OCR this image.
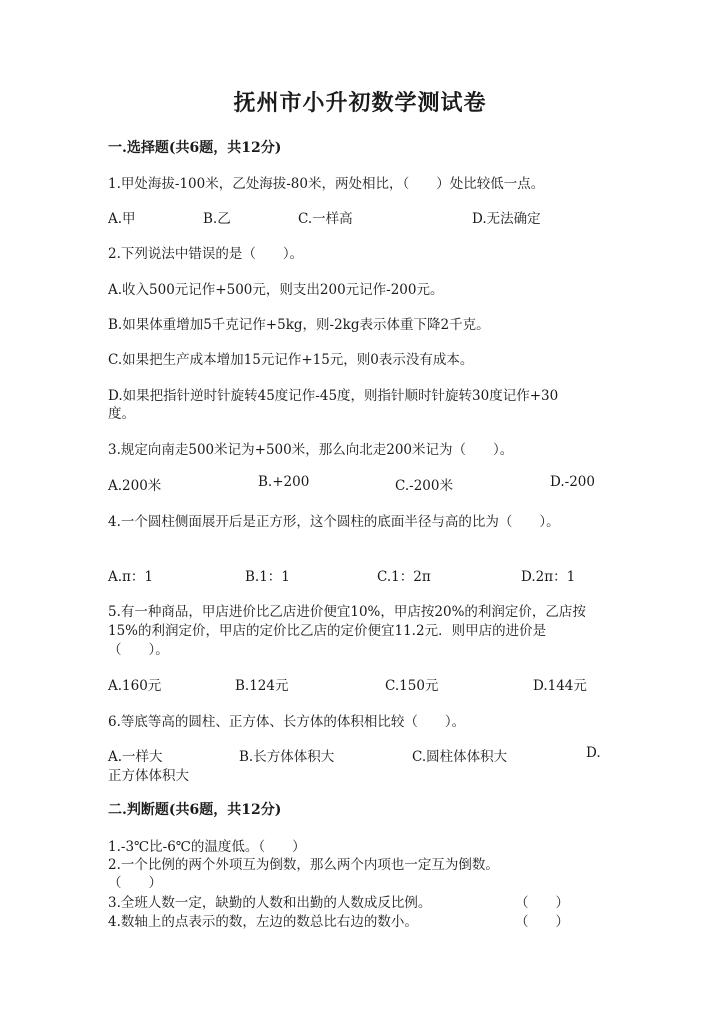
抚州市小升初数学测试卷
一.选择题(共6题，共12分)
1.甲处海拔-100米，乙处海拔-80米，两处相比，（　　）处比较低一点。
A.甲	B.乙	C.一样高	D.无法确定
2.下列说法中错误的是（　　）。
A.收入500元记作+500元，则支出200元记作-200元。
B.如果体重增加5千克记作+5kg，则-2kg表示体重下降2千克。
C.如果把生产成本增加15元记作+15元，则0表示没有成本。
D.如果把指针逆时针旋转45度记作-45度，则指针顺时针旋转30度记作+30
度。
3.规定向南走500米记为+500米，那么向北走200米记为（　　）。
A.200米	B.+200	C.-200米	D.-200
4.一个圆柱侧面展开后是正方形，这个圆柱的底面半径与高的比为（　　）。
A.π：1	B.1：1	C.1：2π	D.2π：1
5.有一种商品，甲店进价比乙店进价便宜10%，甲店按20%的利润定价，乙店按
15%的利润定价，甲店的定价比乙店的定价便宜11.2元．则甲店的进价是
（　　）。
A.160元	B.124元	C.150元	D.144元
6.等底等高的圆柱、正方体、长方体的体积相比较（　　）。
A.一样大	B.长方体体积大	C.圆柱体体积大	D.
正方体体积大
二.判断题(共6题，共12分)
1.-3℃比-6℃的温度低。（　　）
2.一个比例的两个外项互为倒数，那么两个内项也一定互为倒数。
（　　）
3.全班人数一定，缺勤的人数和出勤的人数成反比例。	（　　）
4.数轴上的点表示的数，左边的数总比右边的数小。	（　　）
